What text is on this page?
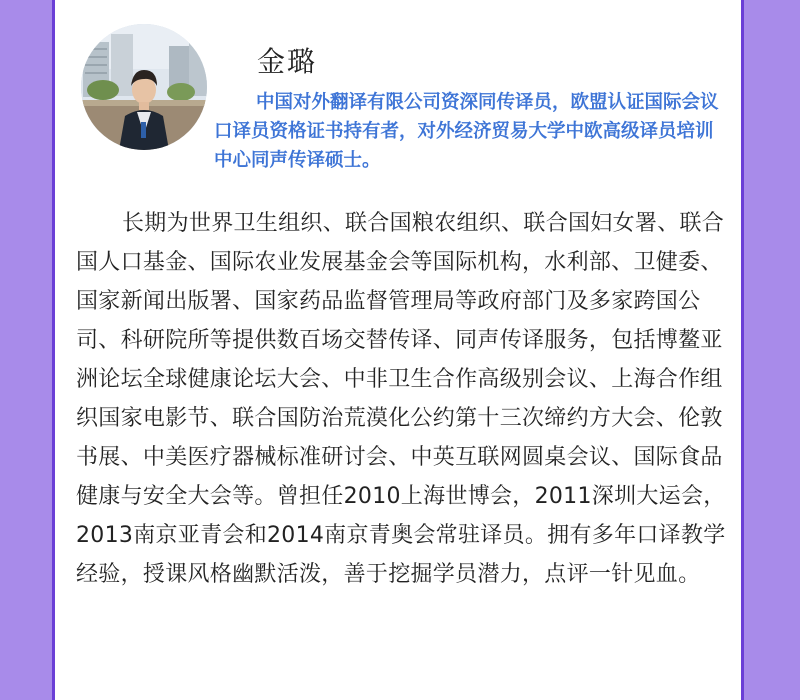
金璐

中国对外翻译有限公司资深同传译员，欧盟认证国际会议口译员资格证书持有者，对外经济贸易大学中欧高级译员培训中心同声传译硕士。

长期为世界卫生组织、联合国粮农组织、联合国妇女署、联合国人口基金、国际农业发展基金会等国际机构，水利部、卫健委、国家新闻出版署、国家药品监督管理局等政府部门及多家跨国公司、科研院所等提供数百场交替传译、同声传译服务，包括博鳌亚洲论坛全球健康论坛大会、中非卫生合作高级别会议、上海合作组织国家电影节、联合国防治荒漠化公约第十三次缔约方大会、伦敦书展、中美医疗器械标准研讨会、中英互联网圆桌会议、国际食品健康与安全大会等。曾担任2010上海世博会，2011深圳大运会，2013南京亚青会和2014南京青奥会常驻译员。拥有多年口译教学经验，授课风格幽默活泼，善于挖掘学员潜力，点评一针见血。
